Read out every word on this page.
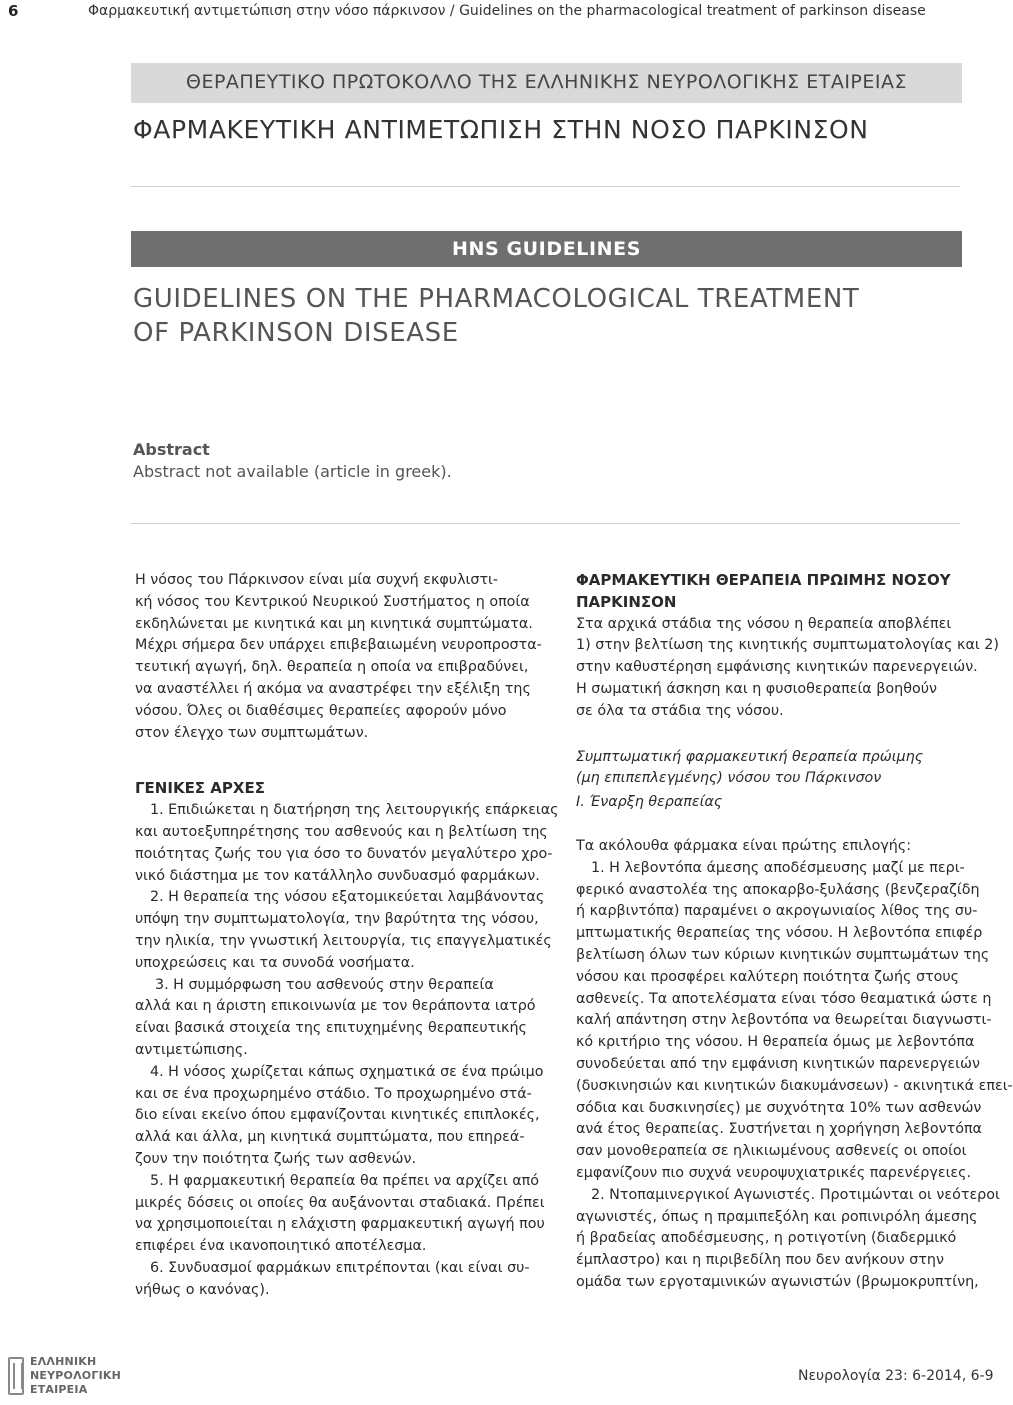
6	Φαρμακευτική αντιμετώπιση στην νόσο πάρκινσον / Guidelines on the pharmacological treatment of parkinson disease
ΘΕΡΑΠΕΥΤΙΚΟ ΠΡΩΤΟΚΟΛΛΟ ΤΗΣ ΕΛΛΗΝΙΚΗΣ ΝΕΥΡΟΛΟΓΙΚΗΣ ΕΤΑΙΡΕΙΑΣ
ΦΑΡΜΑΚΕΥΤΙΚΗ ΑΝΤΙΜΕΤΩΠΙΣΗ ΣΤΗΝ ΝΟΣΟ ΠΑΡΚΙΝΣΟΝ
HNS GUIDELINES
GUIDELINES ON THE PHARMACOLOGICAL TREATMENT
OF PARKINSON DISEASE
Abstract
Abstract not available (article in greek).

Η νόσος του Πάρκινσον είναι μία συχνή εκφυλιστι-

κή νόσος του Κεντρικού Νευρικού Συστήματος η οποία

εκδηλώνεται με κινητικά και μη κινητικά συμπτώματα.

Μέχρι σήμερα δεν υπάρχει επιβεβαιωμένη νευροπροστα-

τευτική αγωγή, δηλ. θεραπεία η οποία να επιβραδύνει,

να αναστέλλει ή ακόμα να αναστρέφει την εξέλιξη της

νόσου. Όλες οι διαθέσιμες θεραπείες αφορούν μόνο

στον έλεγχο των συμπτωμάτων.

ΓΕΝΙΚΕΣ ΑΡΧΕΣ

1. Επιδιώκεται η διατήρηση της λειτουργικής επάρκειας

και αυτοεξυπηρέτησης του ασθενούς και η βελτίωση της

ποιότητας ζωής του για όσο το δυνατόν μεγαλύτερο χρο-

νικό διάστημα με τον κατάλληλο συνδυασμό φαρμάκων.

2. Η θεραπεία της νόσου εξατομικεύεται λαμβάνοντας

υπόψη την συμπτωματολογία, την βαρύτητα της νόσου,

την ηλικία, την γνωστική λειτουργία, τις επαγγελματικές

υποχρεώσεις και τα συνοδά νοσήματα.

3. Η συμμόρφωση του ασθενούς στην θεραπεία

αλλά και η άριστη επικοινωνία με τον θεράποντα ιατρό

είναι βασικά στοιχεία της επιτυχημένης θεραπευτικής

αντιμετώπισης.

4. Η νόσος χωρίζεται κάπως σχηματικά σε ένα πρώιμο

και σε ένα προχωρημένο στάδιο. Το προχωρημένο στά-

διο είναι εκείνο όπου εμφανίζονται κινητικές επιπλοκές,

αλλά και άλλα, μη κινητικά συμπτώματα, που επηρεά-

ζουν την ποιότητα ζωής των ασθενών.

5. Η φαρμακευτική θεραπεία θα πρέπει να αρχίζει από

μικρές δόσεις οι οποίες θα αυξάνονται σταδιακά. Πρέπει

να χρησιμοποιείται η ελάχιστη φαρμακευτική αγωγή που

επιφέρει ένα ικανοποιητικό αποτέλεσμα.

6. Συνδυασμοί φαρμάκων επιτρέπονται (και είναι συ-

νήθως ο κανόνας).

ΦΑΡΜΑΚΕΥΤΙΚΗ ΘΕΡΑΠΕΙΑ ΠΡΩΙΜΗΣ ΝΟΣΟΥ

ΠΑΡΚΙΝΣΟΝ

Στα αρχικά στάδια της νόσου η θεραπεία αποβλέπει

1) στην βελτίωση της κινητικής συμπτωματολογίας και 2)

στην καθυστέρηση εμφάνισης κινητικών παρενεργειών.

Η σωματική άσκηση και η φυσιοθεραπεία βοηθούν

σε όλα τα στάδια της νόσου.

Συμπτωματική φαρμακευτική θεραπεία πρώιμης

(μη επιπεπλεγμένης) νόσου του Πάρκινσον

Ι. Έναρξη θεραπείας

Τα ακόλουθα φάρμακα είναι πρώτης επιλογής:

1. Η λεβοντόπα άμεσης αποδέσμευσης μαζί με περι-

φερικό αναστολέα της αποκαρβο-ξυλάσης (βενζεραζίδη

ή καρβιντόπα) παραμένει ο ακρογωνιαίος λίθος της συ-

μπτωματικής θεραπείας της νόσου. Η λεβοντόπα επιφέρ

βελτίωση όλων των κύριων κινητικών συμπτωμάτων της

νόσου και προσφέρει καλύτερη ποιότητα ζωής στους

ασθενείς. Τα αποτελέσματα είναι τόσο θεαματικά ώστε η

καλή απάντηση στην λεβοντόπα να θεωρείται διαγνωστι-

κό κριτήριο της νόσου. Η θεραπεία όμως με λεβοντόπα

συνοδεύεται από την εμφάνιση κινητικών παρενεργειών

(δυσκινησιών και κινητικών διακυμάνσεων) - ακινητικά επει-

σόδια και δυσκινησίες) με συχνότητα 10% των ασθενών

ανά έτος θεραπείας. Συστήνεται η χορήγηση λεβοντόπα

σαν μονοθεραπεία σε ηλικιωμένους ασθενείς οι οποίοι

εμφανίζουν πιο συχνά νευροψυχιατρικές παρενέργειες.

2. Ντοπαμινεργικοί Αγωνιστές. Προτιμώνται οι νεότεροι

αγωνιστές, όπως η πραμιπεξόλη και ροπινιρόλη άμεσης

ή βραδείας αποδέσμευσης, η ροτιγοτίνη (διαδερμικό

έμπλαστρο) και η πιριβεδίλη που δεν ανήκουν στην

ομάδα των εργοταμινικών αγωνιστών (βρωμοκρυπτίνη,

ΕΛΛΗΝΙΚΗ
ΝΕΥΡΟΛΟΓΙΚΗ
ΕΤΑΙΡΕΙΑ
Νευρολογία 23: 6-2014, 6-9
